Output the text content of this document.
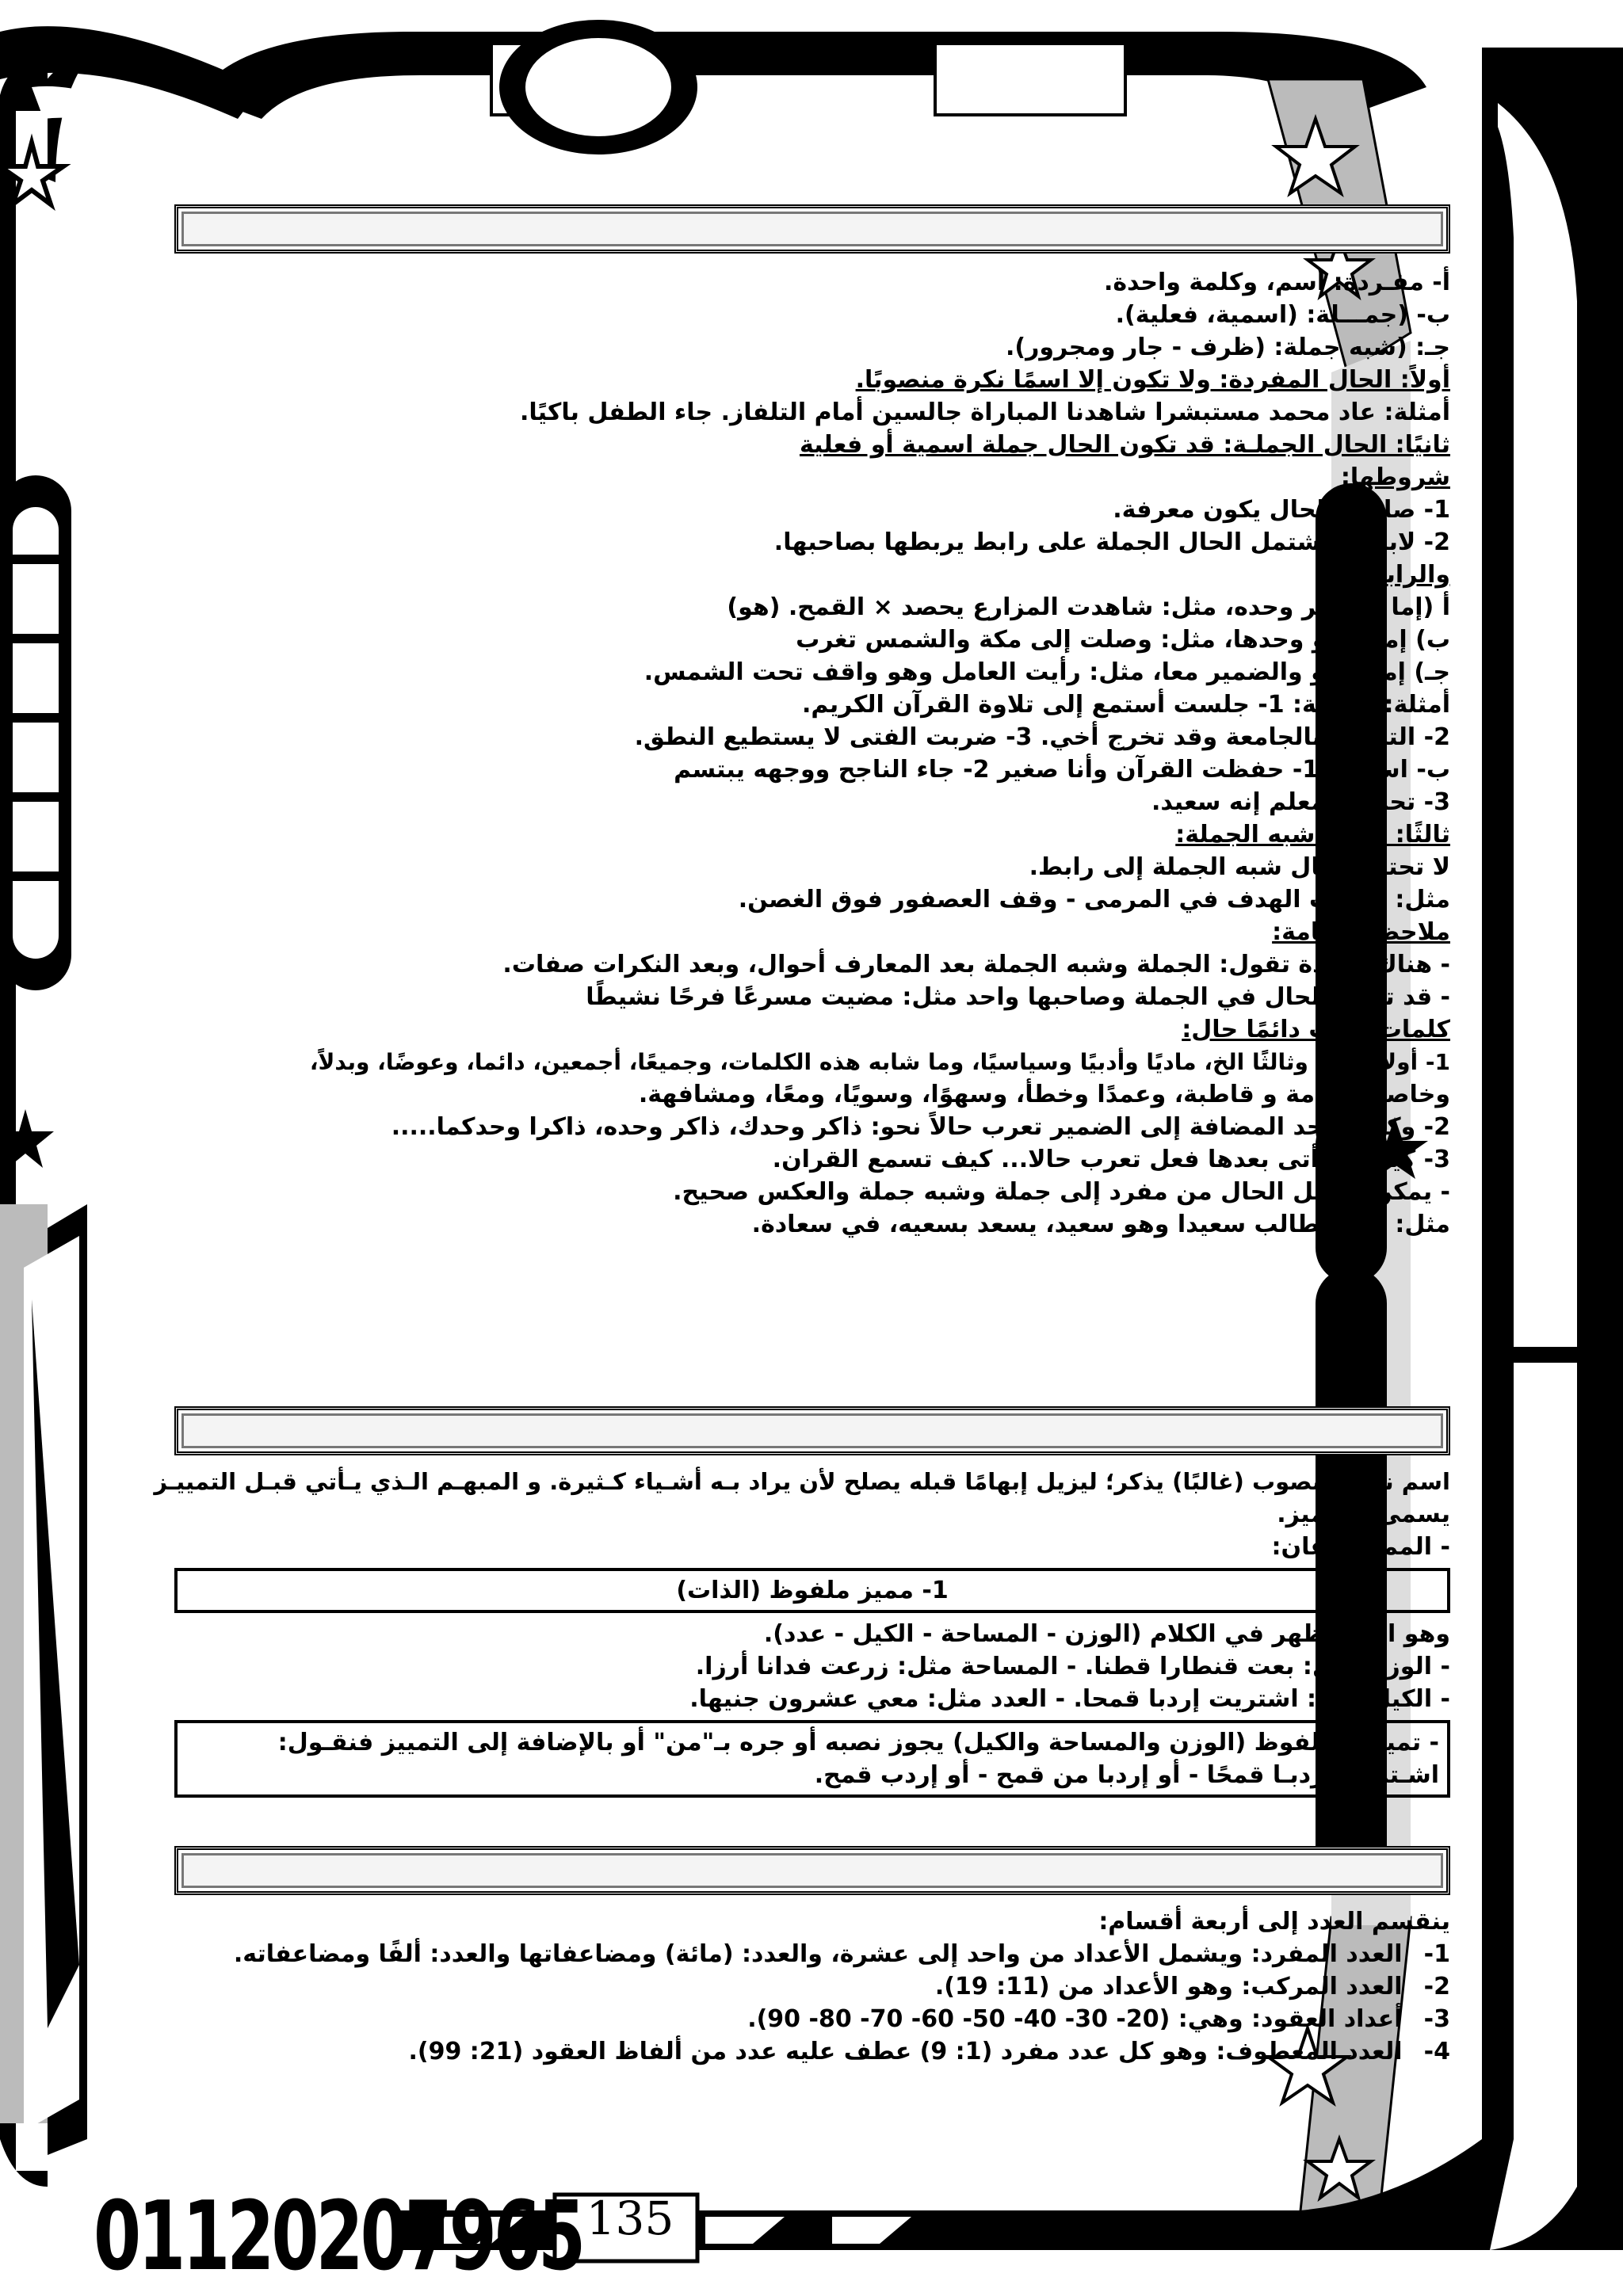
أ- مفـردة: اسم، وكلمة واحدة.
ب- (جمـــلة: (اسمية، فعلية).
جـ: (شبه جملة: (ظرف - جار ومجرور).
أولاً: الحال المفردة: ولا تكون إلا اسمًا نكرة منصوبًا.
أمثلة: عاد محمد مستبشرا شاهدنا المباراة جالسين أمام التلفاز. جاء الطفل باكيًا.
ثانيًا: الحال الجملـة: قد تكون الحال جملة اسمية أو فعلية
شروطها:
1- صاحب الحال يكون معرفة.
2- لابد أن تشتمل الحال الجملة على رابط يربطها بصاحبها.
والرابط:
أ (إما الضمير وحده، مثل: شاهدت المزارع يحصد × القمح. (هو)
ب) إما الواو وحدها، مثل: وصلت إلى مكة والشمس تغرب
جـ) إما الواو والضمير معا، مثل: رأيت العامل وهو واقف تحت الشمس.
أمثلة: (فعلية: 1- جلست أستمع إلى تلاوة القرآن الكريم.
2- التحقت بالجامعة وقد تخرج أخي. 3- ضربت الفتى لا يستطيع النطق.
ب- اسمية: 1- حفظت القرآن وأنا صغير 2- جاء الناجح ووجهه يبتسم
3- تحدث المعلم إنه سعيد.
ثالثًا: الحال شبه الجملة:
لا تحتاج الحال شبه الجملة إلى رابط.
مثل: أحرزت الهدف في المرمى - وقف العصفور فوق الغصن.
ملاحظات هامة:
- هناك قاعدة تقول: الجملة وشبه الجملة بعد المعارف أحوال، وبعد النكرات صفات.
- قد تتعدد الحال في الجملة وصاحبها واحد مثل: مضيت مسرعًا فرحًا نشيطًا
كلمات تعرب دائمًا حال:
1- أولاً وثانيًا وثالثًا الخ، ماديًا وأدبيًا وسياسيًا، وما شابه هذه الكلمات، وجميعًا، أجمعين، دائما، وعوضًا، وبدلاً،
وخاصة، وعامة و قاطبة، وعمدًا وخطأ، وسهوًا، وسويًا، ومعًا، ومشافهة.
2- وكلمة وحد المضافة إلى الضمير تعرب حالاً نحو: ذاكر وحدك، ذاكر وحده، ذاكرا وحدكما.....
3- كيف إذا أتى بعدها فعل تعرب حالا... كيف تسمع القران.
- يمكن تحويل الحال من مفرد إلى جملة وشبه جملة والعكس صحيح.
مثل: أتى الطالب سعيدا وهو سعيد، يسعد بسعيه، في سعادة.
اسم نكرة منصوب (غالبًا) يذكر؛ ليزيل إبهامًا قبله يصلح لأن يراد بـه أشـياء كـثيرة. و المبهـم الـذي يـأتي قبـل التمييـز
يسمى: المميز.
- المميز نوعان:
1- مميز ملفوظ (الذات)
وهو الذي يظهر في الكلام (الوزن - المساحة - الكيل - عدد).
- الوزن مثل: بعت قنطارا قطنا. - المساحة مثل: زرعت فدانا أرزا.
- الكيل مثل: اشتريت إردبا قمحا. - العدد مثل: معي عشرون جنيها.
- تمييز الملفوظ (الوزن والمساحة والكيل) يجوز نصبه أو جره بـ"من" أو بالإضافة إلى التمييز فنقـول: اشـتريت إردبـا قمحًا - أو إردبا من قمح - أو إردب قمح.
ينقسم العدد إلى أربعة أقسام:
1- العدد المفرد: ويشمل الأعداد من واحد إلى عشرة، والعدد: (مائة) ومضاعفاتها والعدد: ألفًا ومضاعفاته.
2- العدد المركب: وهو الأعداد من (11: 19).
3- أعداد العقود: وهي: (20- 30- 40- 50- 60- 70- 80- 90).
4- العدد المعطوف: وهو كل عدد مفرد (1: 9) عطف عليه عدد من ألفاظ العقود (21: 99).
01120207965 135
